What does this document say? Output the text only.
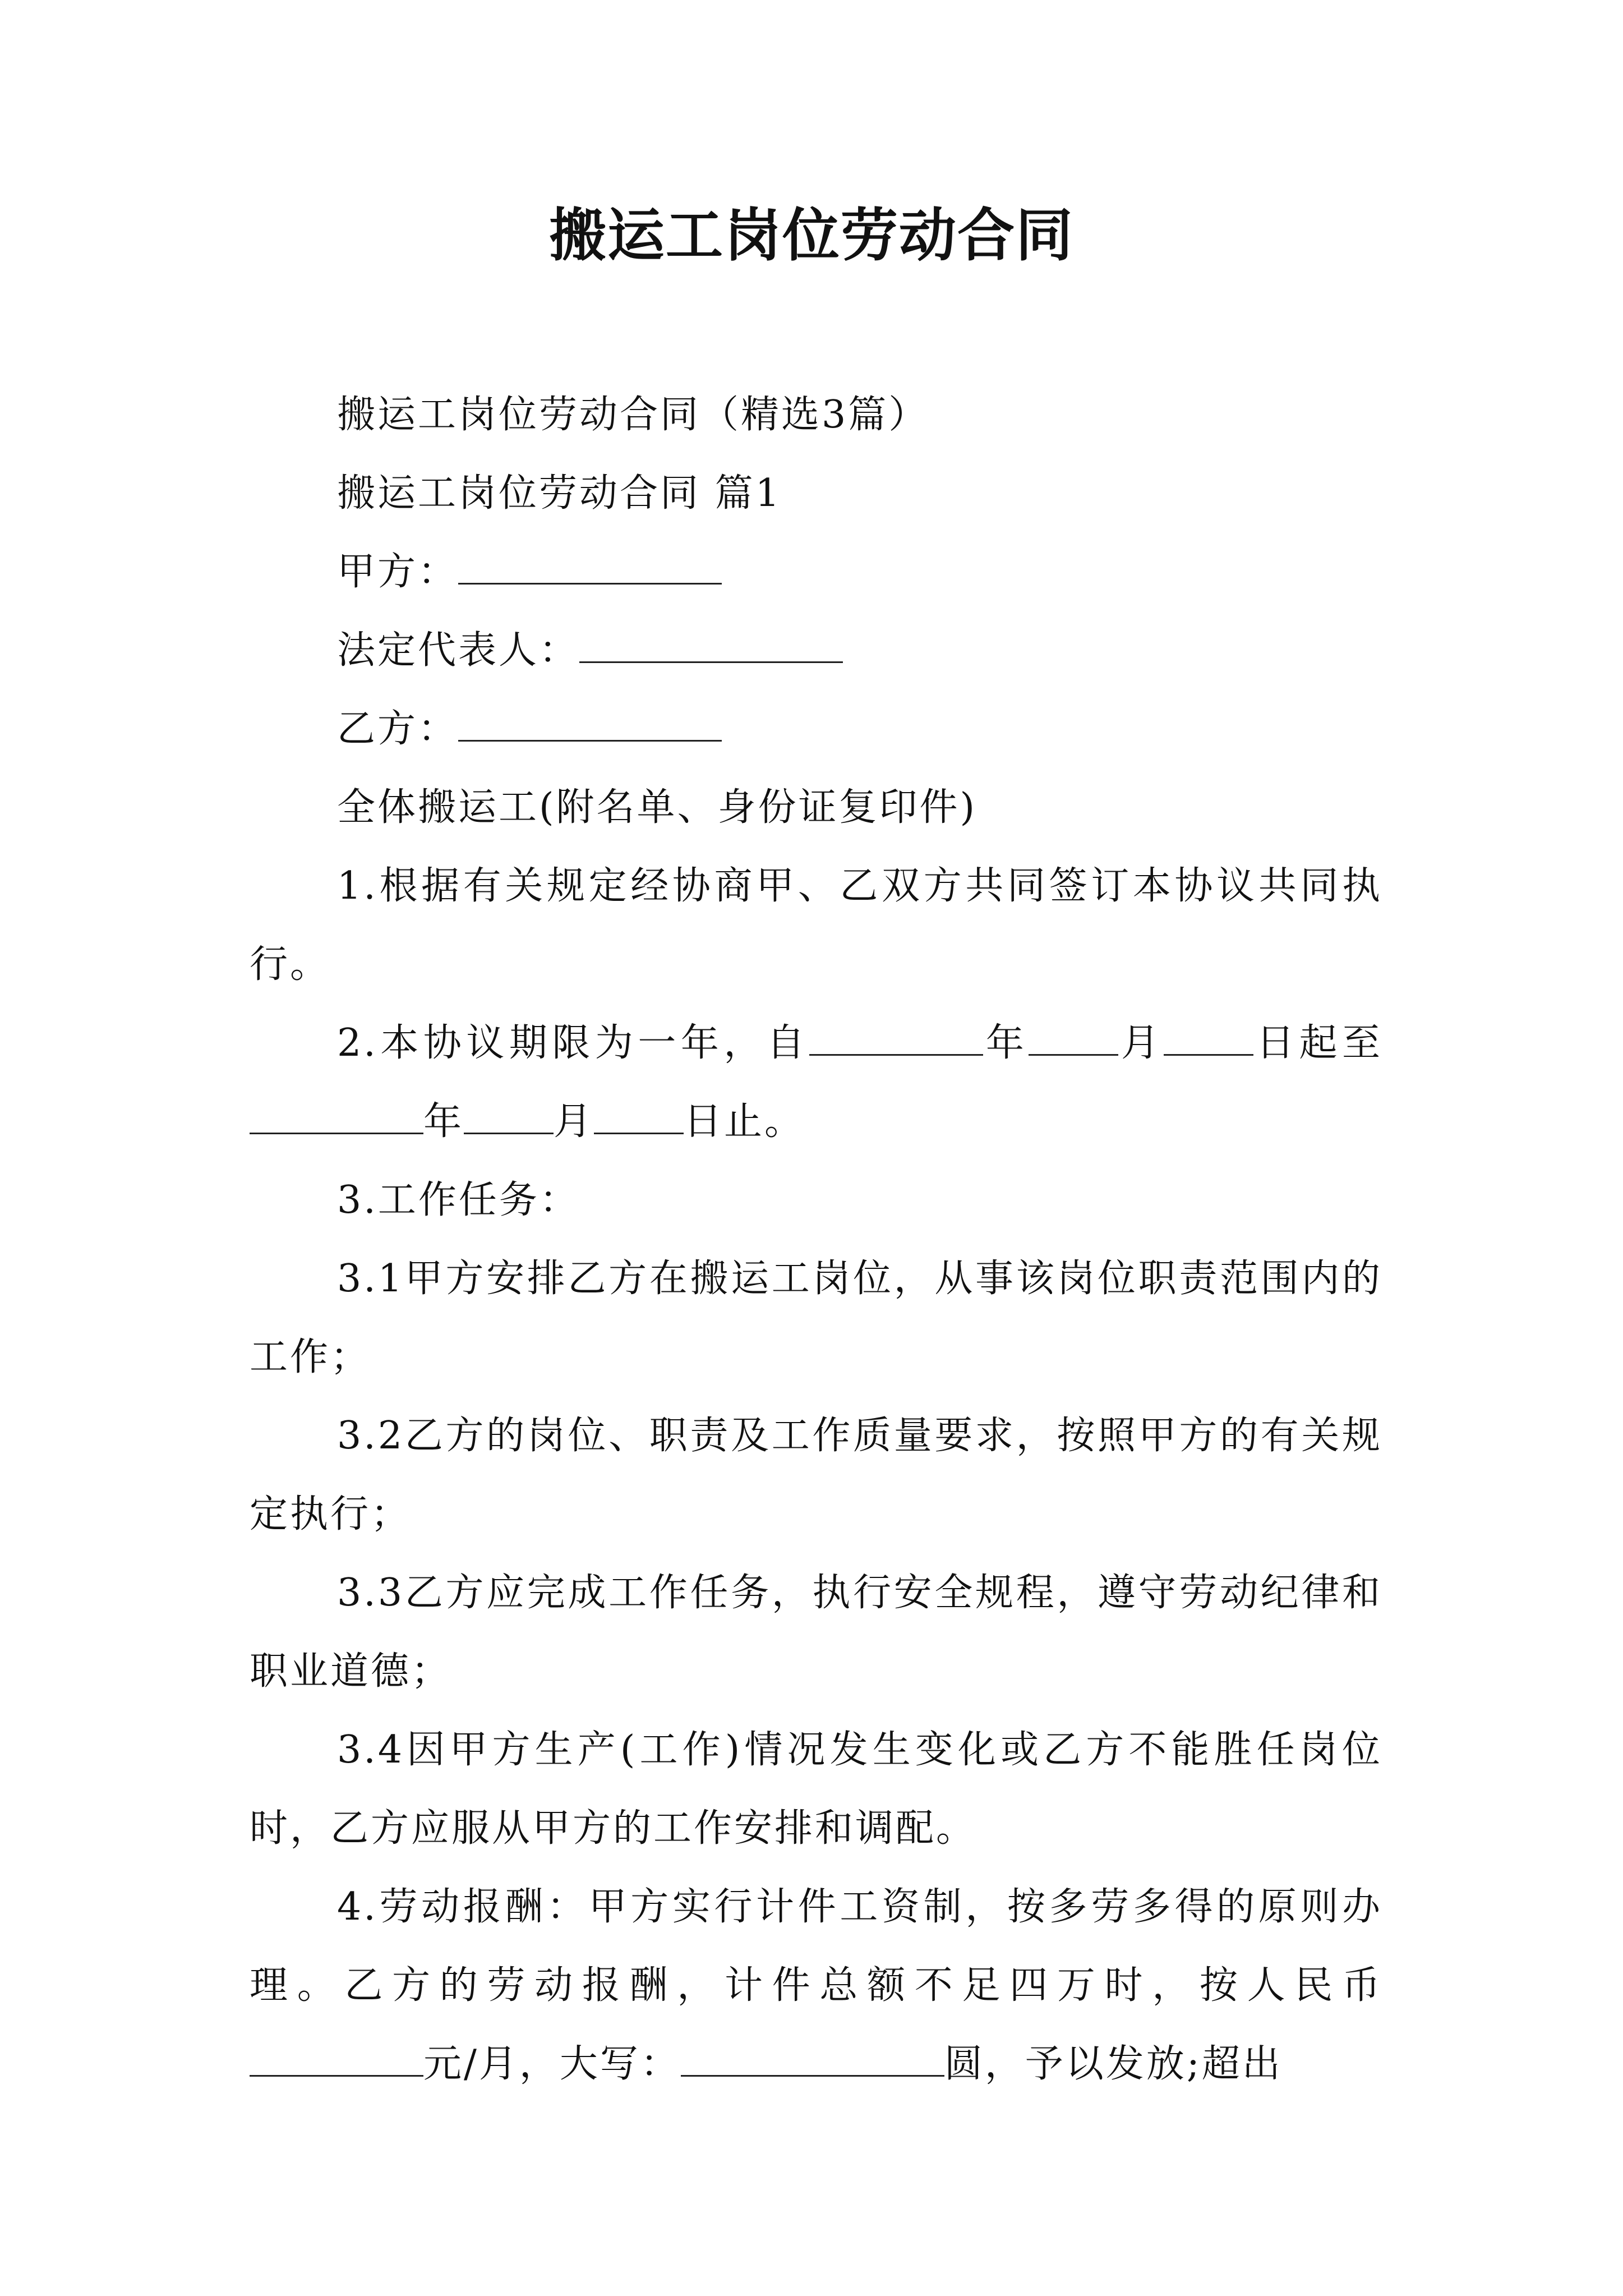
搬运工岗位劳动合同

搬运工岗位劳动合同（精选3篇）

搬运工岗位劳动合同 篇1

甲方：

法定代表人：

乙方：

全体搬运工(附名单、身份证复印件)

1.根据有关规定经协商甲、乙双方共同签订本协议共同执行。

2.本协议期限为一年，自	年 月 日起至年 月 日止。

3.工作任务：

3.1甲方安排乙方在搬运工岗位，从事该岗位职责范围内的工作；

3.2乙方的岗位、职责及工作质量要求，按照甲方的有关规定执行；

3.3乙方应完成工作任务，执行安全规程，遵守劳动纪律和职业道德；

3.4因甲方生产(工作)情况发生变化或乙方不能胜任岗位时，乙方应服从甲方的工作安排和调配。

4.劳动报酬：甲方实行计件工资制，按多劳多得的原则办理。乙方的劳动报酬，计件总额不足四万时，按人民币元/月，大写：	圆，予以发放;超出
